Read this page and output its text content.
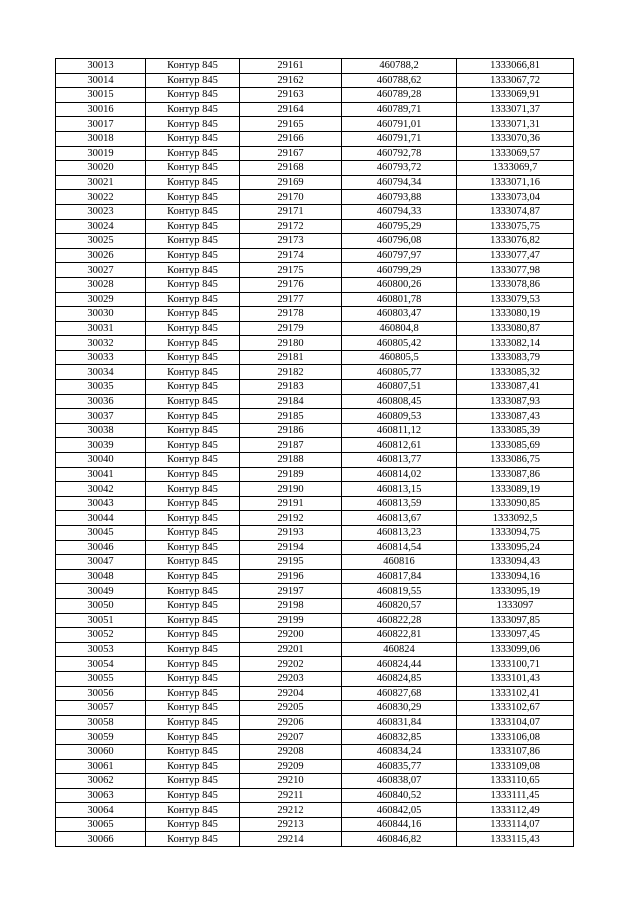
30013	Контур 845	29161	460788,2	1333066,81
30014	Контур 845	29162	460788,62	1333067,72
30015	Контур 845	29163	460789,28	1333069,91
30016	Контур 845	29164	460789,71	1333071,37
30017	Контур 845	29165	460791,01	1333071,31
30018	Контур 845	29166	460791,71	1333070,36
30019	Контур 845	29167	460792,78	1333069,57
30020	Контур 845	29168	460793,72	1333069,7
30021	Контур 845	29169	460794,34	1333071,16
30022	Контур 845	29170	460793,88	1333073,04
30023	Контур 845	29171	460794,33	1333074,87
30024	Контур 845	29172	460795,29	1333075,75
30025	Контур 845	29173	460796,08	1333076,82
30026	Контур 845	29174	460797,97	1333077,47
30027	Контур 845	29175	460799,29	1333077,98
30028	Контур 845	29176	460800,26	1333078,86
30029	Контур 845	29177	460801,78	1333079,53
30030	Контур 845	29178	460803,47	1333080,19
30031	Контур 845	29179	460804,8	1333080,87
30032	Контур 845	29180	460805,42	1333082,14
30033	Контур 845	29181	460805,5	1333083,79
30034	Контур 845	29182	460805,77	1333085,32
30035	Контур 845	29183	460807,51	1333087,41
30036	Контур 845	29184	460808,45	1333087,93
30037	Контур 845	29185	460809,53	1333087,43
30038	Контур 845	29186	460811,12	1333085,39
30039	Контур 845	29187	460812,61	1333085,69
30040	Контур 845	29188	460813,77	1333086,75
30041	Контур 845	29189	460814,02	1333087,86
30042	Контур 845	29190	460813,15	1333089,19
30043	Контур 845	29191	460813,59	1333090,85
30044	Контур 845	29192	460813,67	1333092,5
30045	Контур 845	29193	460813,23	1333094,75
30046	Контур 845	29194	460814,54	1333095,24
30047	Контур 845	29195	460816	1333094,43
30048	Контур 845	29196	460817,84	1333094,16
30049	Контур 845	29197	460819,55	1333095,19
30050	Контур 845	29198	460820,57	1333097
30051	Контур 845	29199	460822,28	1333097,85
30052	Контур 845	29200	460822,81	1333097,45
30053	Контур 845	29201	460824	1333099,06
30054	Контур 845	29202	460824,44	1333100,71
30055	Контур 845	29203	460824,85	1333101,43
30056	Контур 845	29204	460827,68	1333102,41
30057	Контур 845	29205	460830,29	1333102,67
30058	Контур 845	29206	460831,84	1333104,07
30059	Контур 845	29207	460832,85	1333106,08
30060	Контур 845	29208	460834,24	1333107,86
30061	Контур 845	29209	460835,77	1333109,08
30062	Контур 845	29210	460838,07	1333110,65
30063	Контур 845	29211	460840,52	1333111,45
30064	Контур 845	29212	460842,05	1333112,49
30065	Контур 845	29213	460844,16	1333114,07
30066	Контур 845	29214	460846,82	1333115,43
